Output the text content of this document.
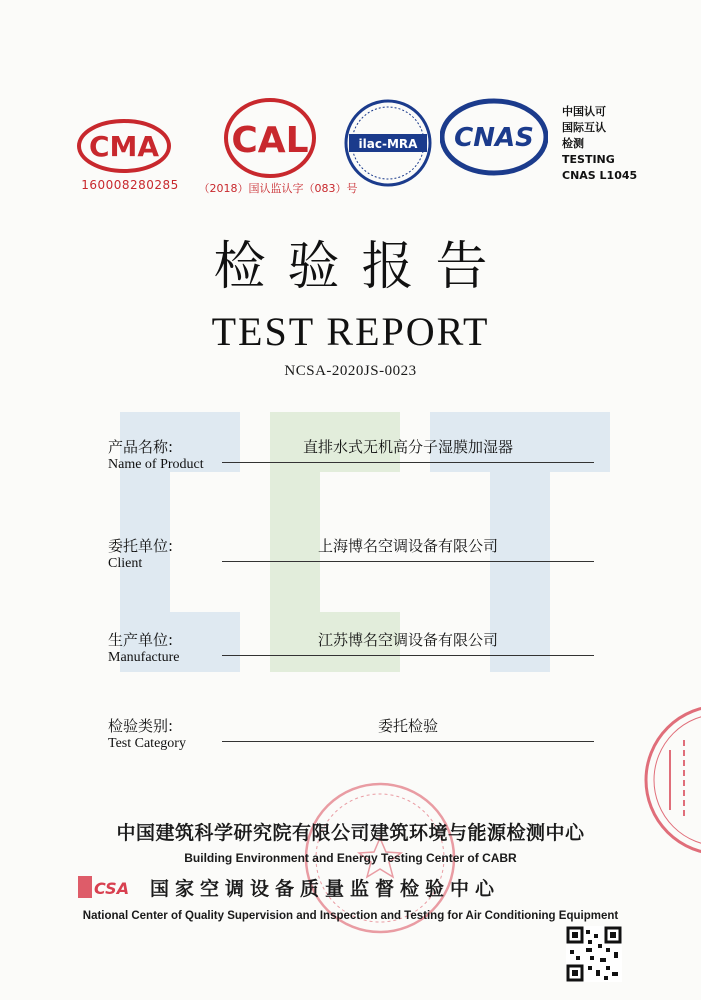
CMA
160008280285
CAL
（2018）国认监认字（083）号
ilac-MRA CNAS
中国认可
国际互认
检测
TESTING
CNAS L1045
检验报告
TEST REPORT
NCSA-2020JS-0023
产品名称:
Name of Product
直排水式无机高分子湿膜加湿器
委托单位:
Client
上海博名空调设备有限公司
生产单位:
Manufacture
江苏博名空调设备有限公司
检验类别:
Test Category
委托检验
中国建筑科学研究院有限公司建筑环境与能源检测中心
Building Environment and Energy Testing Center of CABR
CSA 国家空调设备质量监督检验中心
National Center of Quality Supervision and Inspection and Testing for Air Conditioning Equipment
